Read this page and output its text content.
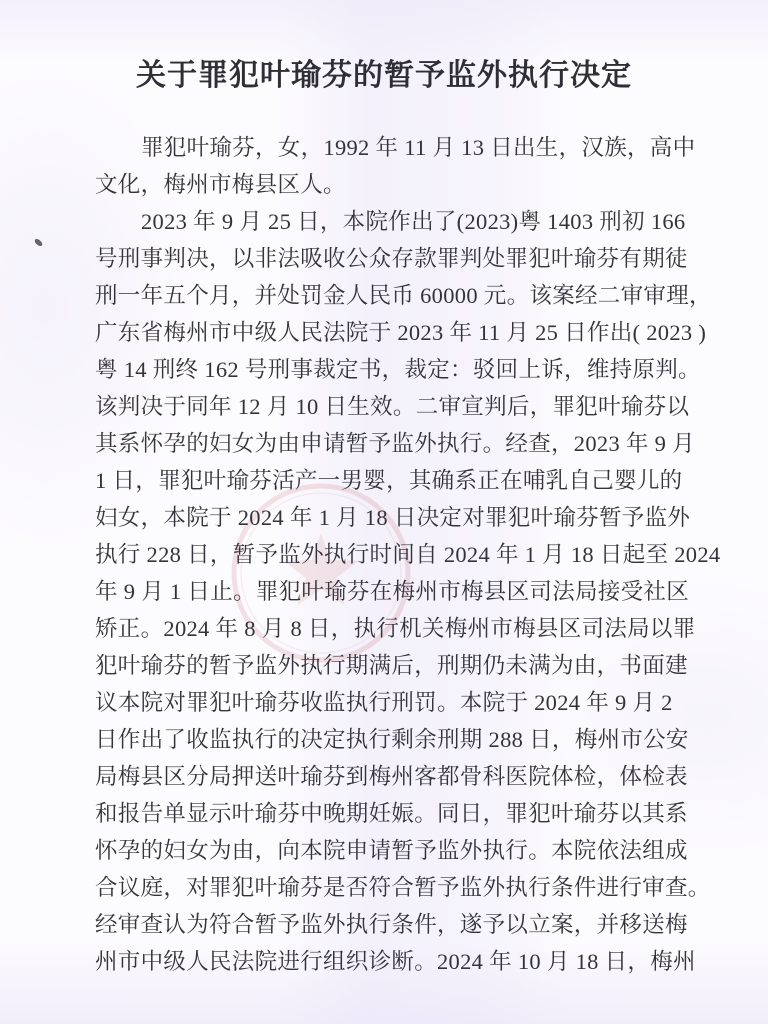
关于罪犯叶瑜芬的暂予监外执行决定
罪犯叶瑜芬，女，1992 年 11 月 13 日出生，汉族，高中
文化，梅州市梅县区人。
2023 年 9 月 25 日，本院作出了(2023)粤 1403 刑初 166
号刑事判决，以非法吸收公众存款罪判处罪犯叶瑜芬有期徒
刑一年五个月，并处罚金人民币 60000 元。该案经二审审理，
广东省梅州市中级人民法院于 2023 年 11 月 25 日作出( 2023 )
粤 14 刑终 162 号刑事裁定书，裁定：驳回上诉，维持原判。
该判决于同年 12 月 10 日生效。二审宣判后，罪犯叶瑜芬以
其系怀孕的妇女为由申请暂予监外执行。经查，2023 年 9 月
1 日，罪犯叶瑜芬活产一男婴，其确系正在哺乳自己婴儿的
妇女，本院于 2024 年 1 月 18 日决定对罪犯叶瑜芬暂予监外
执行 228 日，暂予监外执行时间自 2024 年 1 月 18 日起至 2024
年 9 月 1 日止。罪犯叶瑜芬在梅州市梅县区司法局接受社区
矫正。2024 年 8 月 8 日，执行机关梅州市梅县区司法局以罪
犯叶瑜芬的暂予监外执行期满后，刑期仍未满为由，书面建
议本院对罪犯叶瑜芬收监执行刑罚。本院于 2024 年 9 月 2
日作出了收监执行的决定执行剩余刑期 288 日，梅州市公安
局梅县区分局押送叶瑜芬到梅州客都骨科医院体检，体检表
和报告单显示叶瑜芬中晚期妊娠。同日，罪犯叶瑜芬以其系
怀孕的妇女为由，向本院申请暂予监外执行。本院依法组成
合议庭，对罪犯叶瑜芬是否符合暂予监外执行条件进行审查。
经审查认为符合暂予监外执行条件，遂予以立案，并移送梅
州市中级人民法院进行组织诊断。2024 年 10 月 18 日，梅州
